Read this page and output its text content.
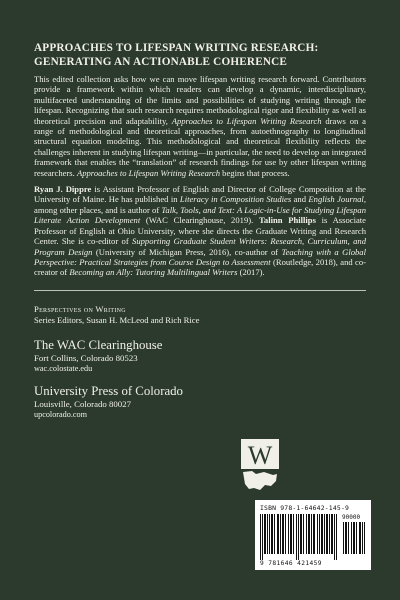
APPROACHES TO LIFESPAN WRITING RESEARCH:
GENERATING AN ACTIONABLE COHERENCE

This edited collection asks how we can move lifespan writing research forward. Contributors provide a framework within which readers can develop a dynamic, interdisciplinary, multifaceted understanding of the limits and possibilities of studying writing through the lifespan. Recognizing that such research requires methodological rigor and flexibility as well as theoretical precision and adaptability, Approaches to Lifespan Writing Research draws on a range of methodological and theoretical approaches, from autoethnography to longitudinal structural equation modeling. This methodological and theoretical flexibility reflects the challenges inherent in studying lifespan writing—in particular, the need to develop an integrated framework that enables the “translation” of research findings for use by other lifespan writing researchers. Approaches to Lifespan Writing Research begins that process.

Ryan J. Dippre is Assistant Professor of English and Director of College Composition at the University of Maine. He has published in Literacy in Composition Studies and English Journal, among other places, and is author of Talk, Tools, and Text: A Logic-in-Use for Studying Lifespan Literate Action Development (WAC Clearinghouse, 2019). Talinn Phillips is Associate Professor of English at Ohio University, where she directs the Graduate Writing and Research Center. She is co-editor of Supporting Graduate Student Writers: Research, Curriculum, and Program Design (University of Michigan Press, 2016), co-author of Teaching with a Global Perspective: Practical Strategies from Course Design to Assessment (Routledge, 2018), and co-creator of Becoming an Ally: Tutoring Multilingual Writers (2017).

Perspectives on Writing
Series Editors, Susan H. McLeod and Rich Rice
The WAC Clearinghouse
Fort Collins, Colorado 80523
wac.colostate.edu
University Press of Colorado
Louisville, Colorado 80027
upcolorado.com
W
ISBN 978-1-64642-145-9
90000
9 781646 421459
